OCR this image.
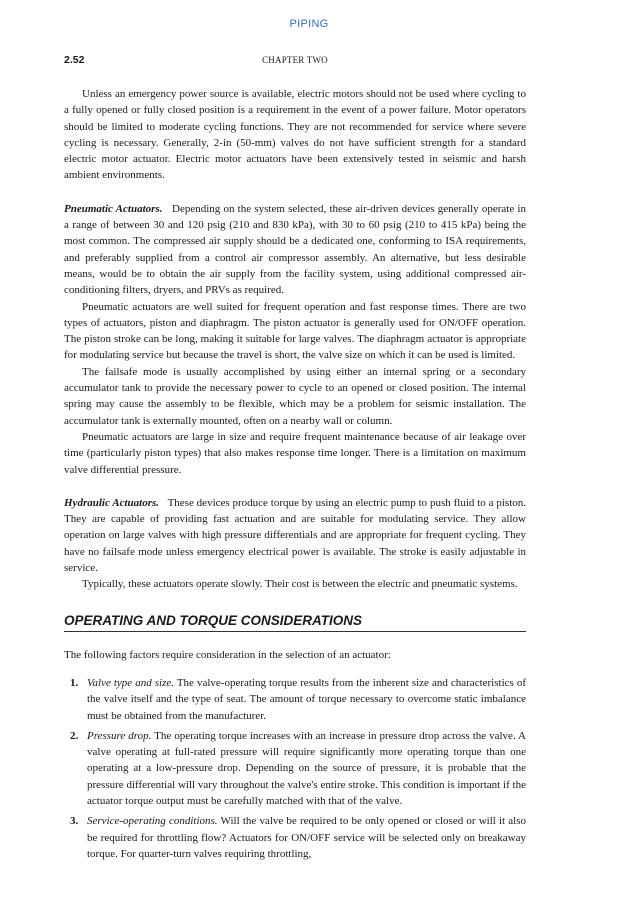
PIPING
2.52	CHAPTER TWO

Unless an emergency power source is available, electric motors should not be used where cycling to a fully opened or fully closed position is a requirement in the event of a power failure. Motor operators should be limited to moderate cycling functions. They are not recommended for service where severe cycling is necessary. Generally, 2-in (50-mm) valves do not have sufficient strength for a standard electric motor actuator. Electric motor actuators have been extensively tested in seismic and harsh ambient environments.

Pneumatic Actuators. Depending on the system selected, these air-driven devices generally operate in a range of between 30 and 120 psig (210 and 830 kPa), with 30 to 60 psig (210 to 415 kPa) being the most common. The compressed air supply should be a dedicated one, conforming to ISA requirements, and preferably supplied from a control air compressor assembly. An alternative, but less desirable means, would be to obtain the air supply from the facility system, using additional compressed air-conditioning filters, dryers, and PRVs as required.

Pneumatic actuators are well suited for frequent operation and fast response times. There are two types of actuators, piston and diaphragm. The piston actuator is generally used for ON/OFF operation. The piston stroke can be long, making it suitable for large valves. The diaphragm actuator is appropriate for modulating service but because the travel is short, the valve size on which it can be used is limited.

The failsafe mode is usually accomplished by using either an internal spring or a secondary accumulator tank to provide the necessary power to cycle to an opened or closed position. The internal spring may cause the assembly to be flexible, which may be a problem for seismic installation. The accumulator tank is externally mounted, often on a nearby wall or column.

Pneumatic actuators are large in size and require frequent maintenance because of air leakage over time (particularly piston types) that also makes response time longer. There is a limitation on maximum valve differential pressure.

Hydraulic Actuators. These devices produce torque by using an electric pump to push fluid to a piston. They are capable of providing fast actuation and are suitable for modulating service. They allow operation on large valves with high pressure differentials and are appropriate for frequent cycling. They have no failsafe mode unless emergency electrical power is available. The stroke is easily adjustable in service.

Typically, these actuators operate slowly. Their cost is between the electric and pneumatic systems.

OPERATING AND TORQUE CONSIDERATIONS

The following factors require consideration in the selection of an actuator:

1. Valve type and size. The valve-operating torque results from the inherent size and characteristics of the valve itself and the type of seat. The amount of torque necessary to overcome static imbalance must be obtained from the manufacturer.
2. Pressure drop. The operating torque increases with an increase in pressure drop across the valve. A valve operating at full-rated pressure will require significantly more operating torque than one operating at a low-pressure drop. Depending on the source of pressure, it is probable that the pressure differential will vary throughout the valve's entire stroke. This condition is important if the actuator torque output must be carefully matched with that of the valve.
3. Service-operating conditions. Will the valve be required to be only opened or closed or will it also be required for throttling flow? Actuators for ON/OFF service will be selected only on breakaway torque. For quarter-turn valves requiring throttling,
